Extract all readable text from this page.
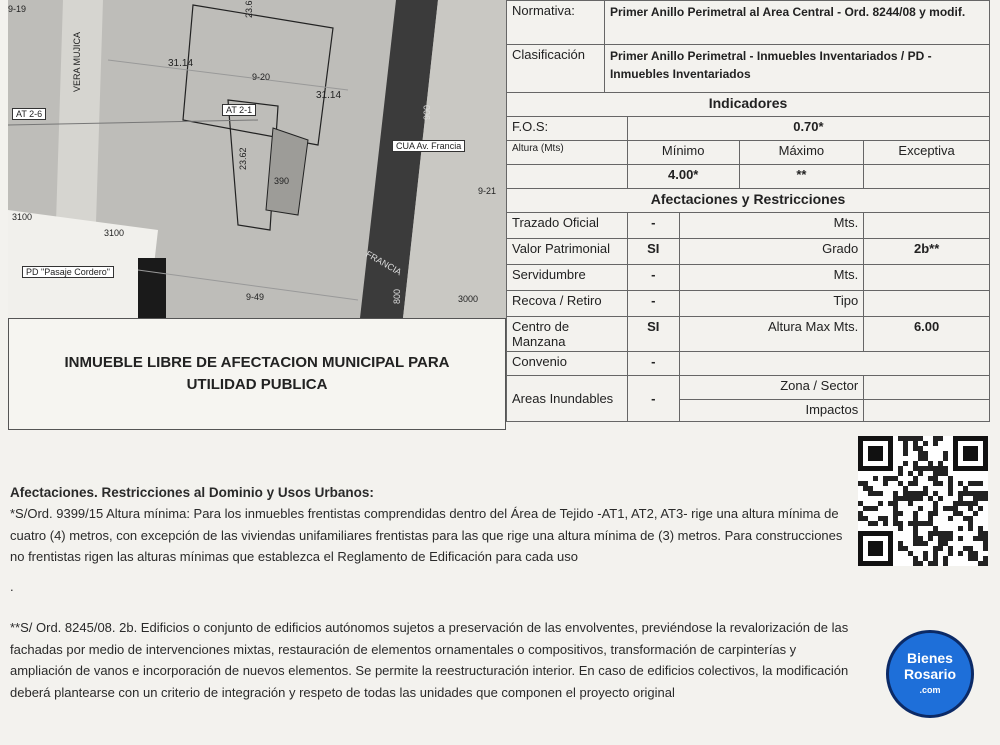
VERA MUJICA	31.14
31.14
23.62
23.6
9-20
9-19
9-21
9-49
390
AT 2-6	AT 2-1
CUA Av. Francia
3100
3100
3000
PD "Pasaje Cordero"
900
800
FRANCIA
INMUEBLE LIBRE DE AFECTACION MUNICIPAL PARA UTILIDAD PUBLICA
Normativa:	Primer Anillo Perimetral al Area Central - Ord. 8244/08 y modif.				
Clasificación	Primer Anillo Perimetral - Inmuebles Inventariados / PD - Inmuebles Inventariados				
Indicadores					
F.O.S:		0.70*			
Altura (Mts)		Mínimo		Máximo	Exceptiva
		4.00*		**	
Afectaciones y Restricciones					
Trazado Oficial		-	Mts.		
Valor Patrimonial		SI	Grado		2b**
Servidumbre		-	Mts.		
Recova / Retiro		-	Tipo		
Centro de Manzana		SI	Altura Max Mts.		6.00
Convenio		-			
Areas Inundables		-	Zona / Sector		
			Impactos		
Afectaciones. Restricciones al Dominio y Usos Urbanos:
*S/Ord. 9399/15 Altura mínima: Para los inmuebles frentistas comprendidas dentro del Área de Tejido -AT1, AT2, AT3- rige una altura mínima de cuatro (4) metros, con excepción de las viviendas unifamiliares frentistas para las que rige una altura mínima de (3) metros. Para construcciones no frentistas rigen las alturas mínimas que establezca el Reglamento de Edificación para cada uso
.
**S/ Ord. 8245/08. 2b. Edificios o conjunto de edificios autónomos sujetos a preservación de las envolventes, previéndose la revalorización de las fachadas por medio de intervenciones mixtas, restauración de elementos ornamentales o compositivos, transformación de carpinterías y ampliación de vanos e incorporación de nuevos elementos. Se permite la reestructuración interior. En caso de edificios colectivos, la modificación deberá plantearse con un criterio de integración y respeto de todas las unidades que componen el proyecto original
Bienes
Rosario
.com
